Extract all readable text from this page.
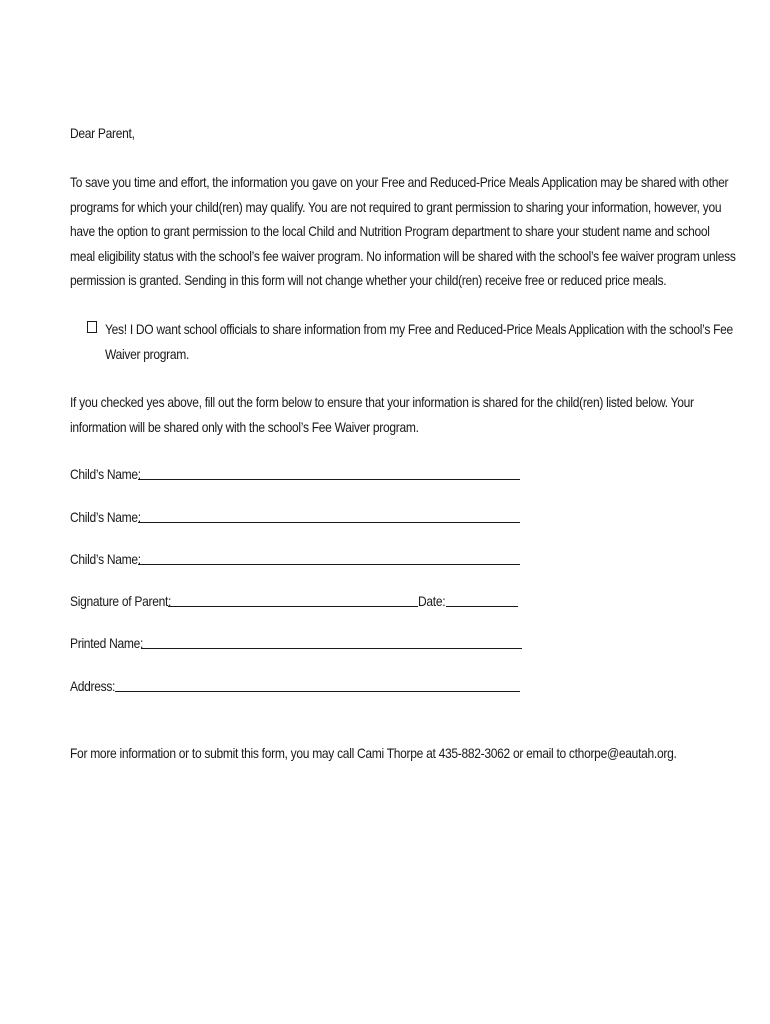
Dear Parent,

To save you time and effort, the information you gave on your Free and Reduced-Price Meals Application may be shared with other
programs for which your child(ren) may qualify. You are not required to grant permission to sharing your information, however, you
have the option to grant permission to the local Child and Nutrition Program department to share your student name and school
meal eligibility status with the school’s fee waiver program. No information will be shared with the school’s fee waiver program unless
permission is granted. Sending in this form will not change whether your child(ren) receive free or reduced price meals.

Yes! I DO want school officials to share information from my Free and Reduced-Price Meals Application with the school’s Fee
Waiver program.

If you checked yes above, fill out the form below to ensure that your information is shared for the child(ren) listed below. Your
information will be shared only with the school’s Fee Waiver program.

Child’s Name:
Child’s Name:
Child’s Name:
Signature of Parent:	Date:
Printed Name:
Address:

For more information or to submit this form, you may call Cami Thorpe at 435-882-3062 or email to cthorpe@eautah.org.
